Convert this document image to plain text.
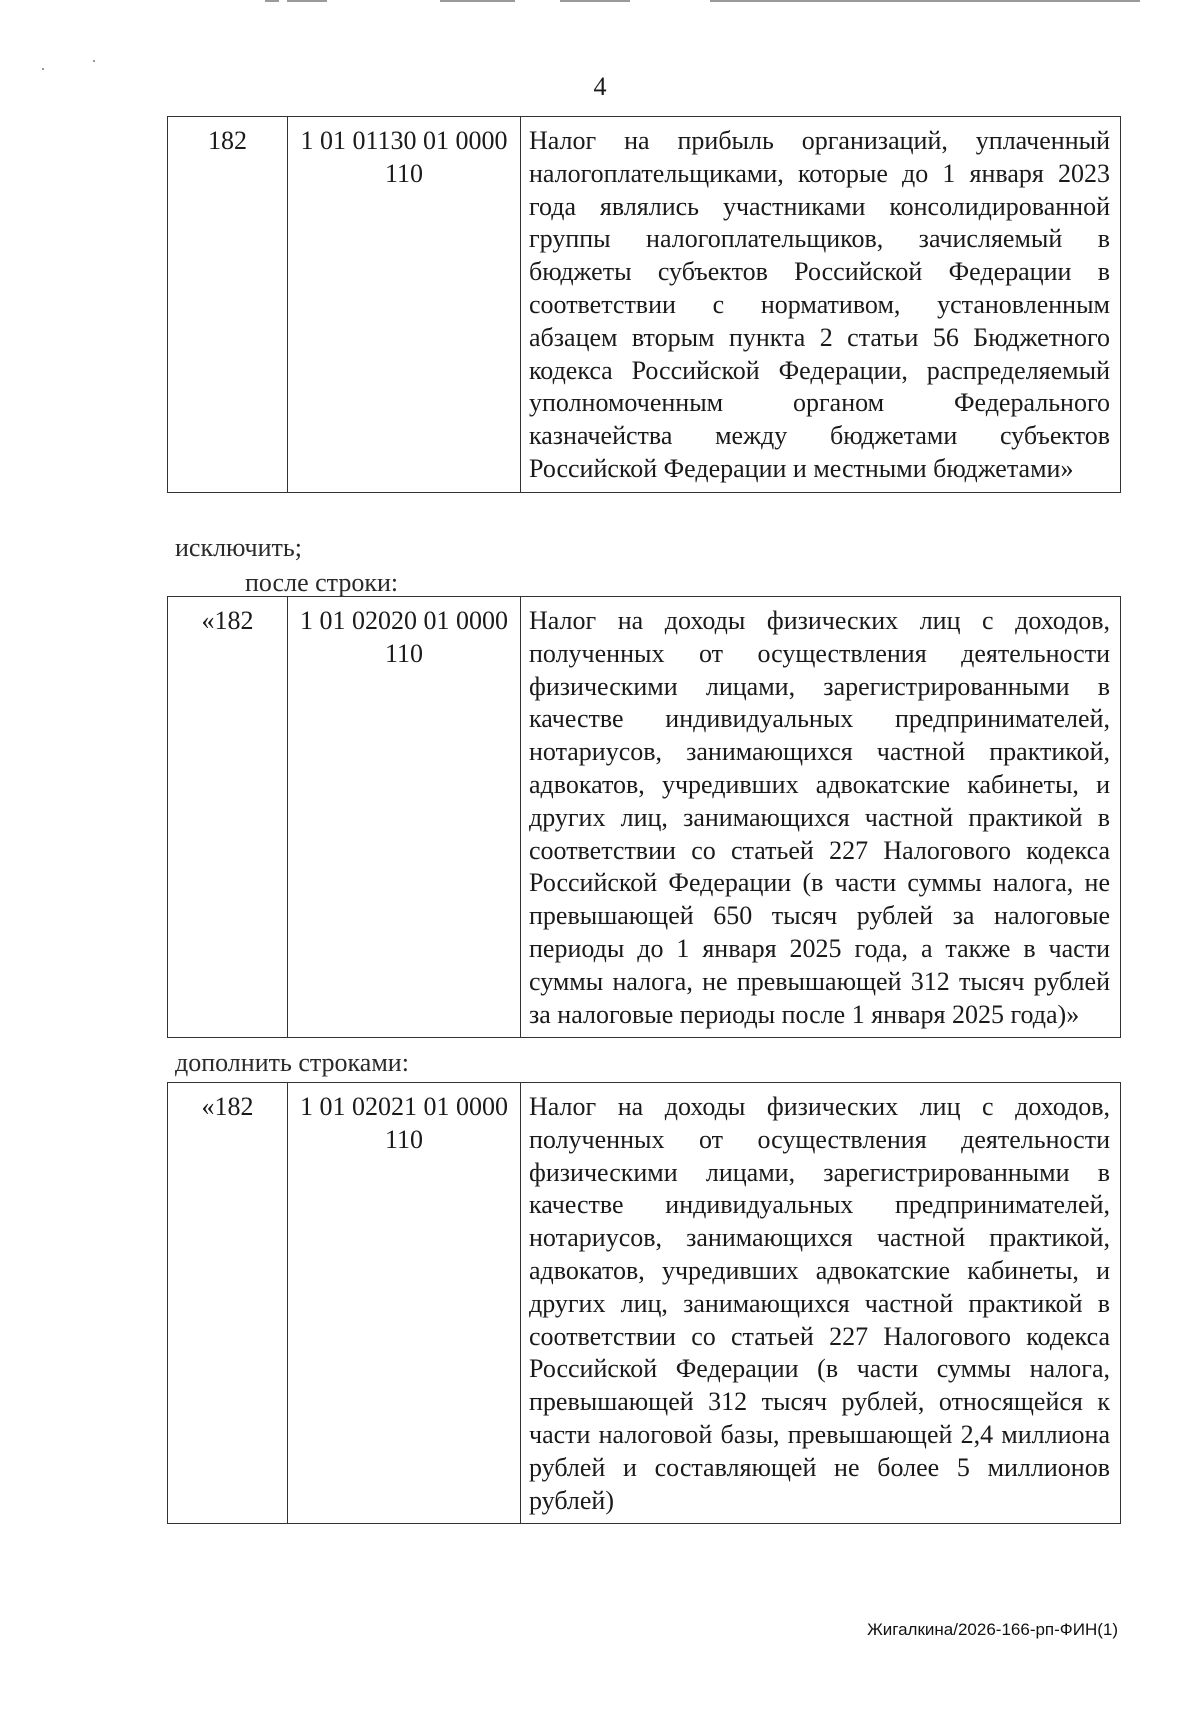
4
182	1 01 01130 01 0000 110	Налог на прибыль организаций, уплаченный налогоплательщиками, которые до 1 января 2023 года являлись участниками консолидированной группы налогоплательщиков, зачисляемый в бюджеты субъектов Российской Федерации в соответствии с нормативом, установленным абзацем вторым пункта 2 статьи 56 Бюджетного кодекса Российской Федерации, распределяемый уполномоченным органом Федерального казначейства между бюджетами субъектов Российской Федерации и местными бюджетами»
исключить;
после строки:
«182	1 01 02020 01 0000 110	Налог на доходы физических лиц с доходов, полученных от осуществления деятельности физическими лицами, зарегистрированными в качестве индивидуальных предпринимателей, нотариусов, занимающихся частной практикой, адвокатов, учредивших адвокатские кабинеты, и других лиц, занимающихся частной практикой в соответствии со статьей 227 Налогового кодекса Российской Федерации (в части суммы налога, не превышающей 650 тысяч рублей за налоговые периоды до 1 января 2025 года, а также в части суммы налога, не превышающей 312 тысяч рублей за налоговые периоды после 1 января 2025 года)»
дополнить строками:
«182	1 01 02021 01 0000 110	Налог на доходы физических лиц с доходов, полученных от осуществления деятельности физическими лицами, зарегистрированными в качестве индивидуальных предпринимателей, нотариусов, занимающихся частной практикой, адвокатов, учредивших адвокатские кабинеты, и других лиц, занимающихся частной практикой в соответствии со статьей 227 Налогового кодекса Российской Федерации (в части суммы налога, превышающей 312 тысяч рублей, относящейся к части налоговой базы, превышающей 2,4 миллиона рублей и составляющей не более 5 миллионов рублей)
Жигалкина/2026-166-рп-ФИН(1)
